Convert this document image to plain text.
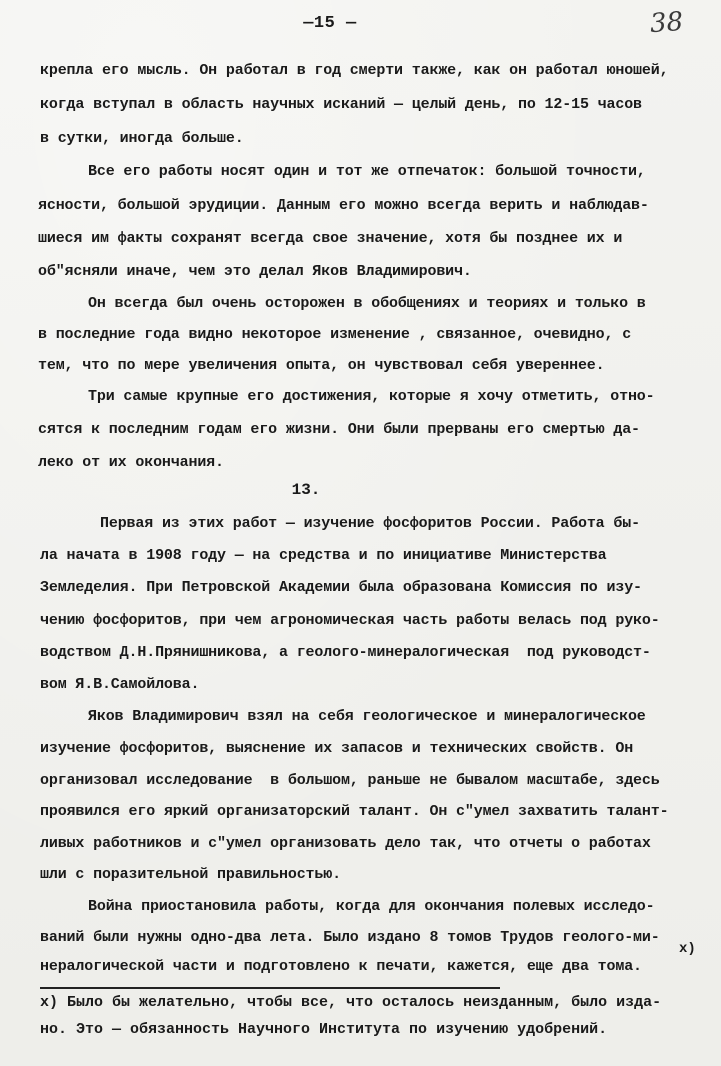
—15 —	38
крепла его мысль. Он работал в год смерти также, как он работал юношей,
когда вступал в область научных исканий — целый день, по 12-15 часов
в сутки, иногда больше.
Все его работы носят один и тот же отпечаток: большой точности,
ясности, большой эрудиции. Данным его можно всегда верить и наблюдав-
шиеся им факты сохранят всегда свое значение, хотя бы позднее их и
об"ясняли иначе, чем это делал Яков Владимирович.
Он всегда был очень осторожен в обобщениях и теориях и только в
в последние года видно некоторое изменение , связанное, очевидно, с
тем, что по мере увеличения опыта, он чувствовал себя увереннее.
Три самые крупные его достижения, которые я хочу отметить, отно-
сятся к последним годам его жизни. Они были прерваны его смертью да-
леко от их окончания.
13.
Первая из этих работ — изучение фосфоритов России. Работа бы-
ла начата в 1908 году — на средства и по инициативе Министерства
Земледелия. При Петровской Академии была образована Комиссия по изу-
чению фосфоритов, при чем агрономическая часть работы велась под руко-
водством Д.Н.Прянишникова, а геолого-минералогическая  под руководст-
вом Я.В.Самойлова.
Яков Владимирович взял на себя геологическое и минералогическое
изучение фосфоритов, выяснение их запасов и технических свойств. Он
организовал исследование  в большом, раньше не бывалом масштабе, здесь
проявился его яркий организаторский талант. Он с"умел захватить талант-
ливых работников и с"умел организовать дело так, что отчеты о работах
шли с поразительной правильностью.
Война приостановила работы, когда для окончания полевых исследо-
ваний были нужны одно-два лета. Было издано 8 томов Трудов геолого-ми-
нералогической части и подготовлено к печати, кажется, еще два тома.
x)
x) Было бы желательно, чтобы все, что осталось неизданным, было изда-
но. Это — обязанность Научного Института по изучению удобрений.
